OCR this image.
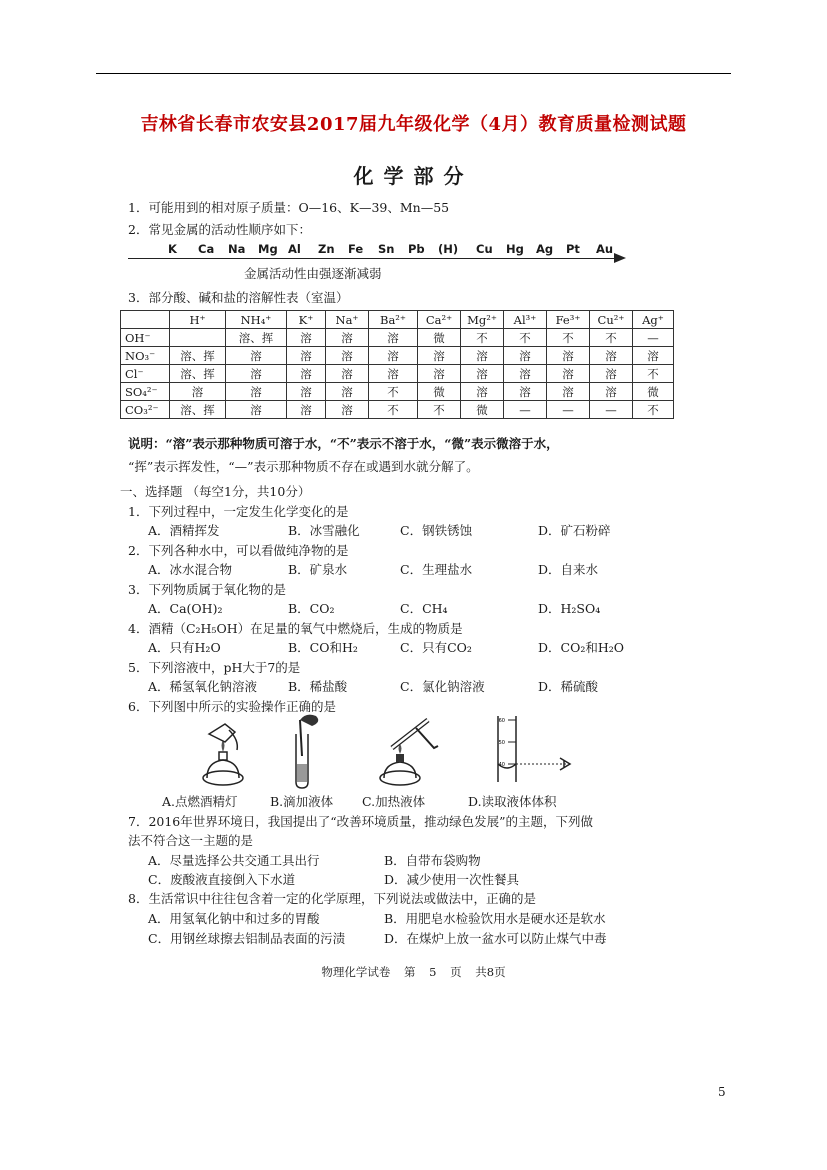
吉林省长春市农安县2017届九年级化学（4月）教育质量检测试题
化学部分
1．可能用到的相对原子质量：O—16、K—39、Mn—55
2．常见金属的活动性顺序如下：
K	Ca	Na	Mg Al	Zn	Fe	Sn	Pb	(H)	Cu	Hg	Ag	Pt	Au
金属活动性由强逐渐减弱
3．部分酸、碱和盐的溶解性表（室温）
	H⁺	NH₄⁺	K⁺	Na⁺	Ba²⁺	Ca²⁺	Mg²⁺	Al³⁺	Fe³⁺	Cu²⁺	Ag⁺
OH⁻		溶、挥	溶	溶	溶	微	不	不	不	不	—
NO₃⁻	溶、挥	溶	溶	溶	溶	溶	溶	溶	溶	溶	溶
Cl⁻	溶、挥	溶	溶	溶	溶	溶	溶	溶	溶	溶	不
SO₄²⁻	溶	溶	溶	溶	不	微	溶	溶	溶	溶	微
CO₃²⁻	溶、挥	溶	溶	溶	不	不	微	—	—	—	不
说明：“溶”表示那种物质可溶于水，“不”表示不溶于水，“微”表示微溶于水，
“挥”表示挥发性，“—”表示那种物质不存在或遇到水就分解了。
一、选择题 （每空1分，共10分）
1．下列过程中，一定发生化学变化的是
A．酒精挥发	B．冰雪融化	C．钢铁锈蚀	D．矿石粉碎
2．下列各种水中，可以看做纯净物的是
A．冰水混合物	B．矿泉水	C．生理盐水	D．自来水
3．下列物质属于氧化物的是
A．Ca(OH)₂	B．CO₂	C．CH₄	D．H₂SO₄
4．酒精（C₂H₅OH）在足量的氧气中燃烧后，生成的物质是
A．只有H₂O	B．CO和H₂	C．只有CO₂	D．CO₂和H₂O
5．下列溶液中，pH大于7的是
A．稀氢氧化钠溶液 B．稀盐酸	C．氯化钠溶液	D．稀硫酸
6．下列图中所示的实验操作正确的是
60
50
40
A.点燃酒精灯	B.滴加液体 C.加热液体	D.读取液体体积
7．2016年世界环境日，我国提出了“改善环境质量，推动绿色发展”的主题，下列做
法不符合这一主题的是
A．尽量选择公共交通工具出行	B．自带布袋购物
C．废酸液直接倒入下水道	D．减少使用一次性餐具
8．生活常识中往往包含着一定的化学原理，下列说法或做法中，正确的是
A．用氢氧化钠中和过多的胃酸	B．用肥皂水检验饮用水是硬水还是软水
C．用钢丝球擦去铝制品表面的污渍	D．在煤炉上放一盆水可以防止煤气中毒
物理化学试卷 第 5 页 共8页
5
